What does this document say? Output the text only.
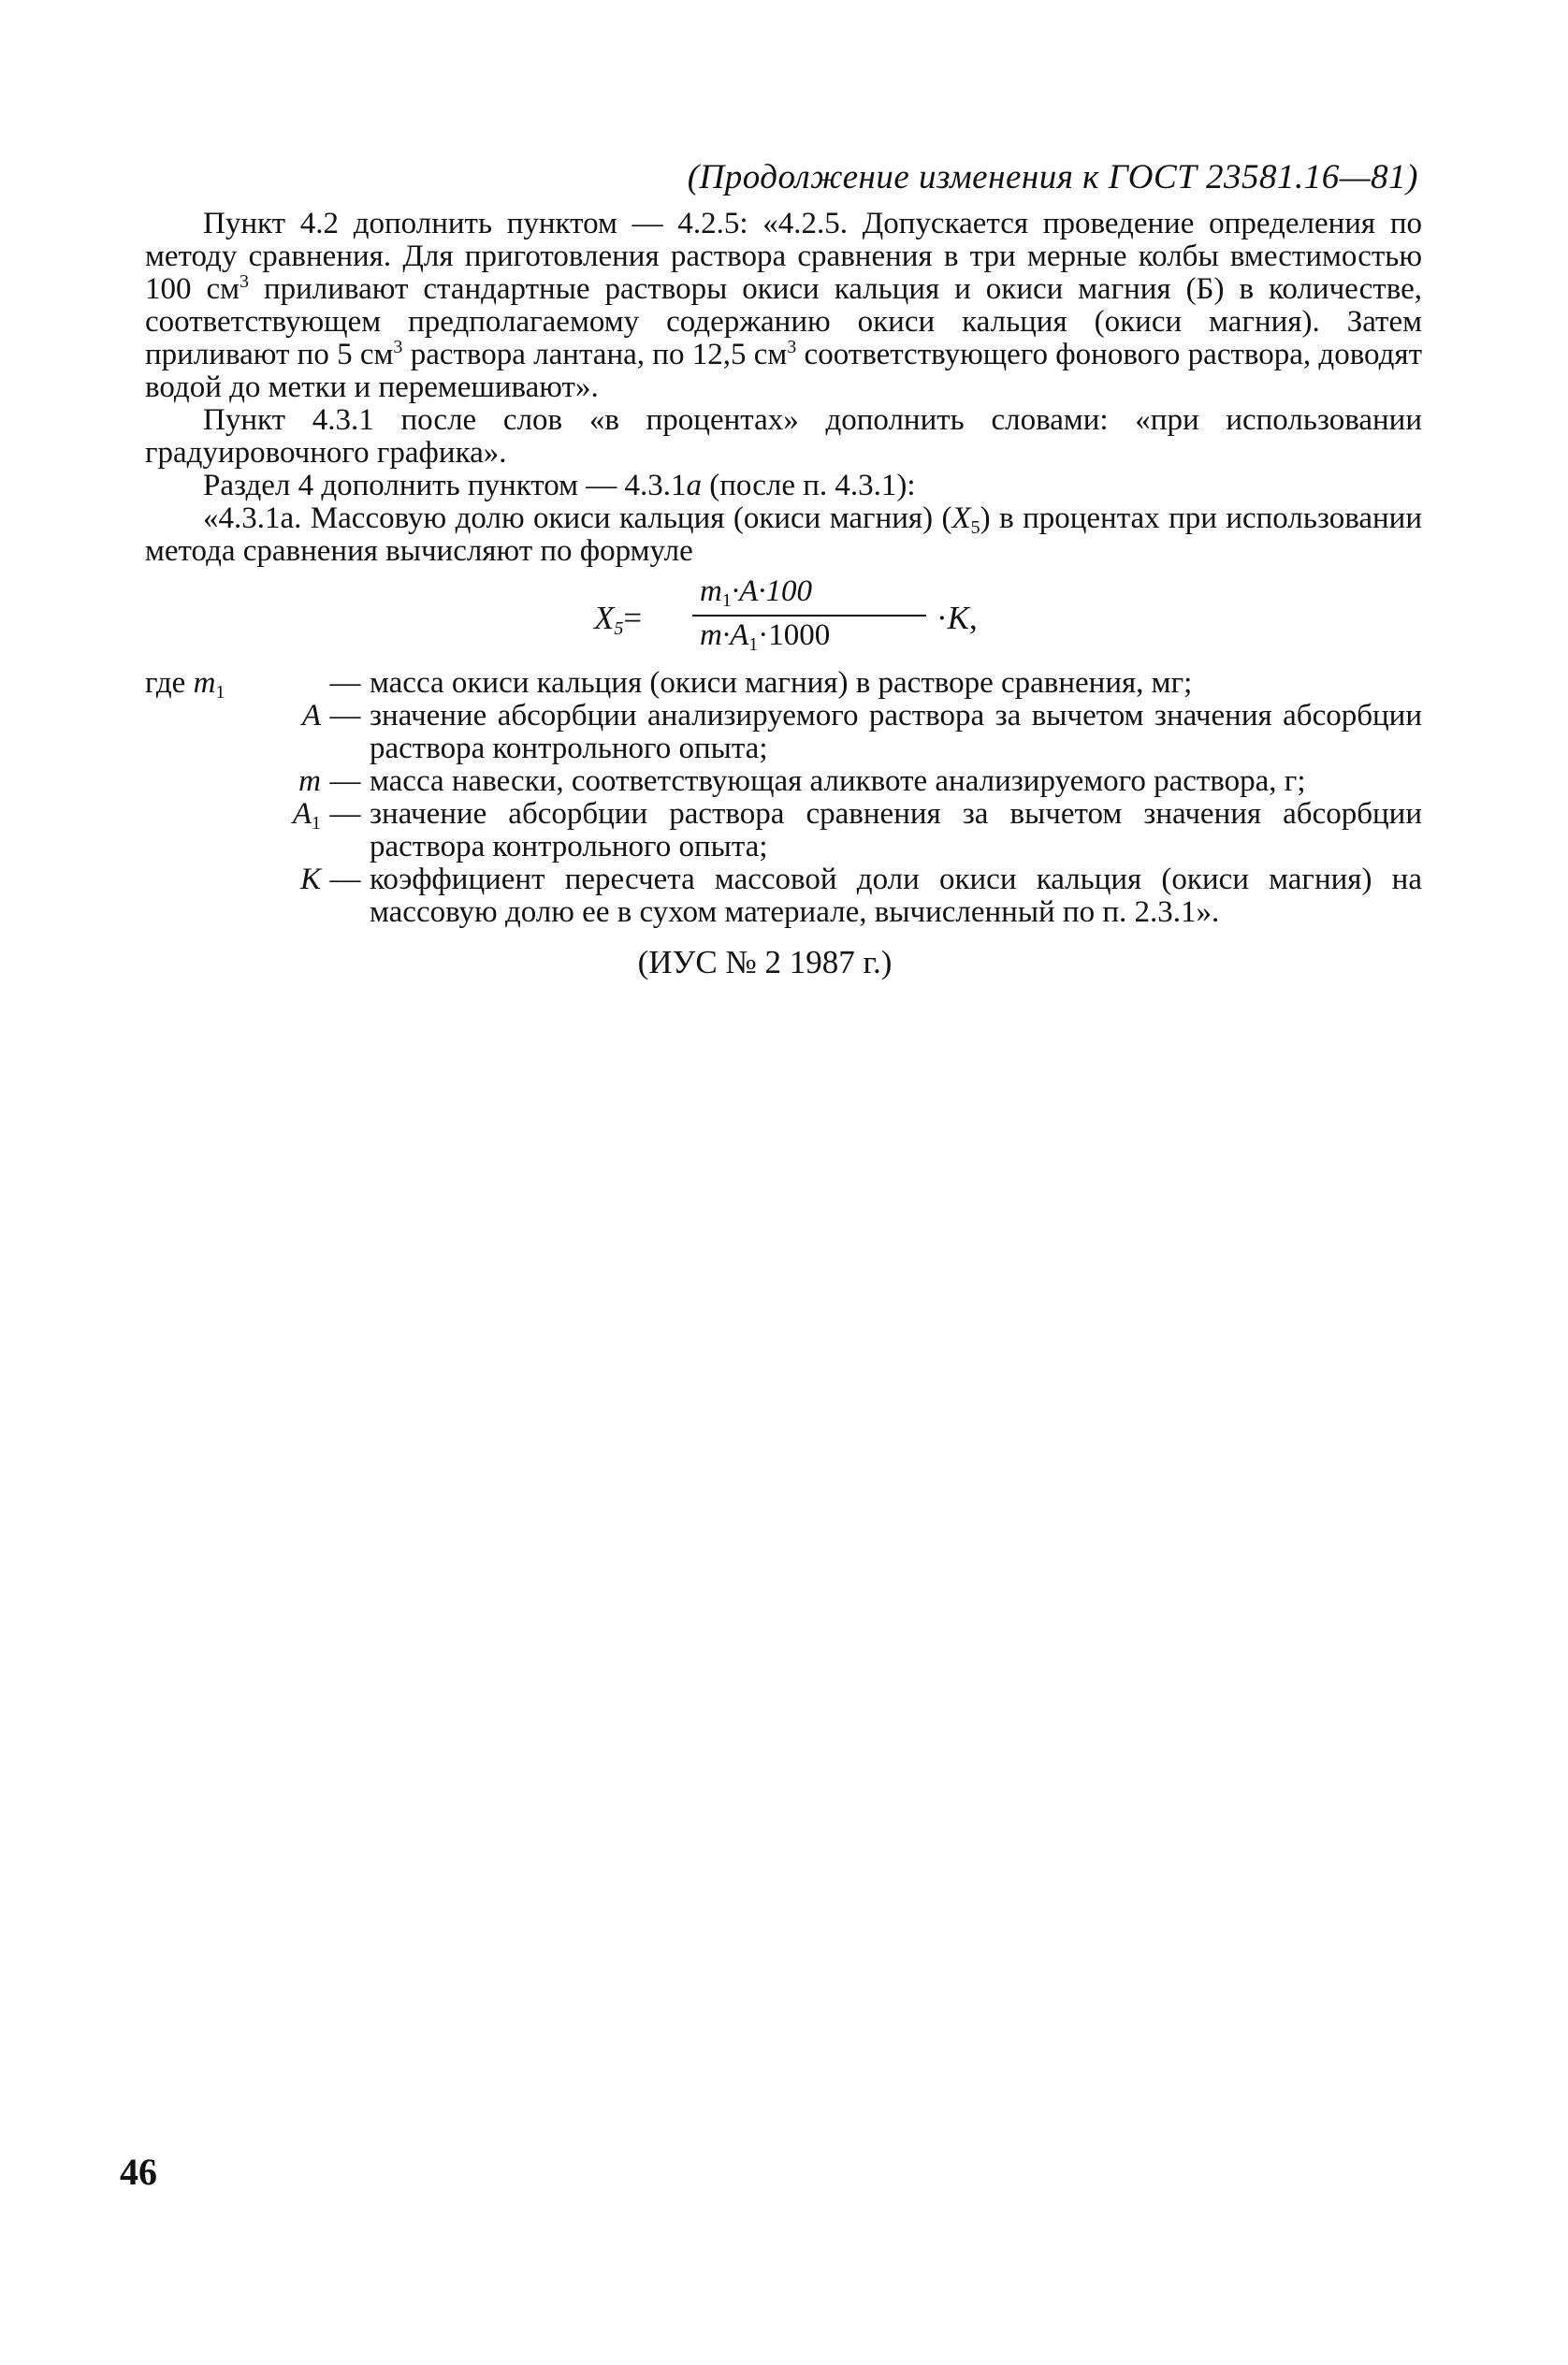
(Продолжение изменения к ГОСТ 23581.16—81)

Пункт 4.2 дополнить пунктом — 4.2.5: «4.2.5. Допускается проведение определения по методу сравнения. Для приготовления раствора сравнения в три мерные колбы вместимостью 100 $см^3$ приливают стандартные растворы окиси кальция и окиси магния (Б) в количестве, соответствующем предполагаемому содержанию окиси кальция (окиси магния). Затем приливают по 5 $см^3$ раствора лантана, по 12,5 $см^3$ соответствующего фонового раствора, доводят водой до метки и перемешивают».

Пункт 4.3.1 после слов «в процентах» дополнить словами: «при использовании градуировочного графика».

Раздел 4 дополнить пунктом — 4.3.1а (после п. 4.3.1):

«4.3.1а. Массовую долю окиси кальция (окиси магния) $(X_5)$ в процентах при использовании метода сравнения вычисляют по формуле

$X_5=$
$m_1\cdot A\cdot 100$
$m\cdot A_1\cdot 1000$	·K,
где $m_1$	— масса окиси кальция (окиси магния) в растворе сравнения, мг;
A — значение абсорбции анализируемого раствора за вычетом значения абсорбции раствора контрольного опыта;
m — масса навески, соответствующая аликвоте анализируемого раствора, г;
$A_1$ — значение абсорбции раствора сравнения за вычетом значения абсорбции раствора контрольного опыта;
K — коэффициент пересчета массовой доли окиси кальция (окиси магния) на массовую долю ее в сухом материале, вычисленный по п. 2.3.1».
(ИУС № 2 1987 г.)
46
